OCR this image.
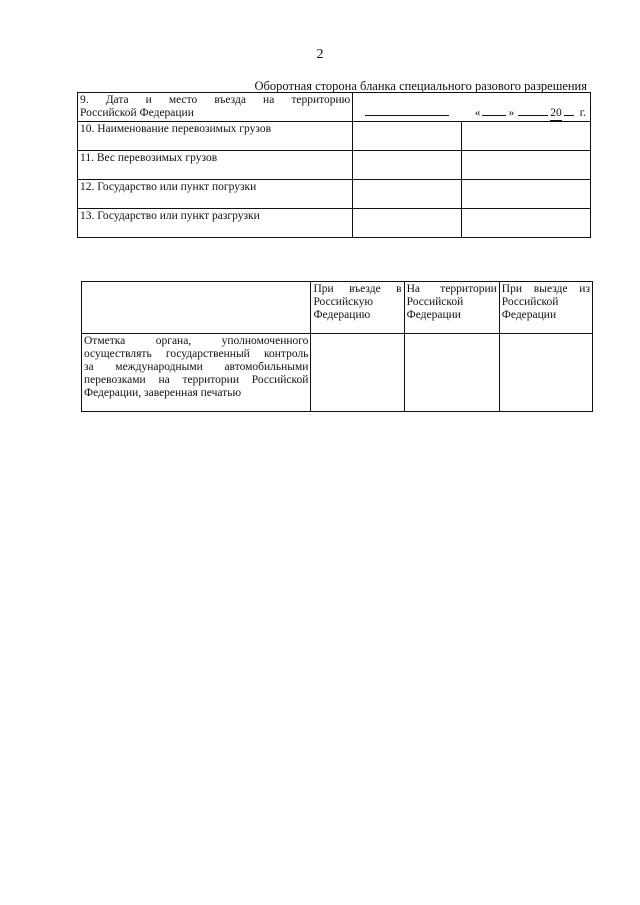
2
Оборотная сторона бланка специального разового разрешения
9. Дата и место въезда на территорию
Российской Федерации	« » 20 г.	

10. Наименование перевозимых грузов		
11. Вес перевозимых грузов		
12. Государство или пункт погрузки		
13. Государство или пункт разгрузки		

	При въезде в
Российскую
Федерацию	На территории
Российской
Федерации	При выезде из
Российской
Федерации

Отметка органа, уполномоченного
осуществлять государственный контроль
за международными автомобильными
перевозками на территории Российской
Федерации, заверенная печатью			
